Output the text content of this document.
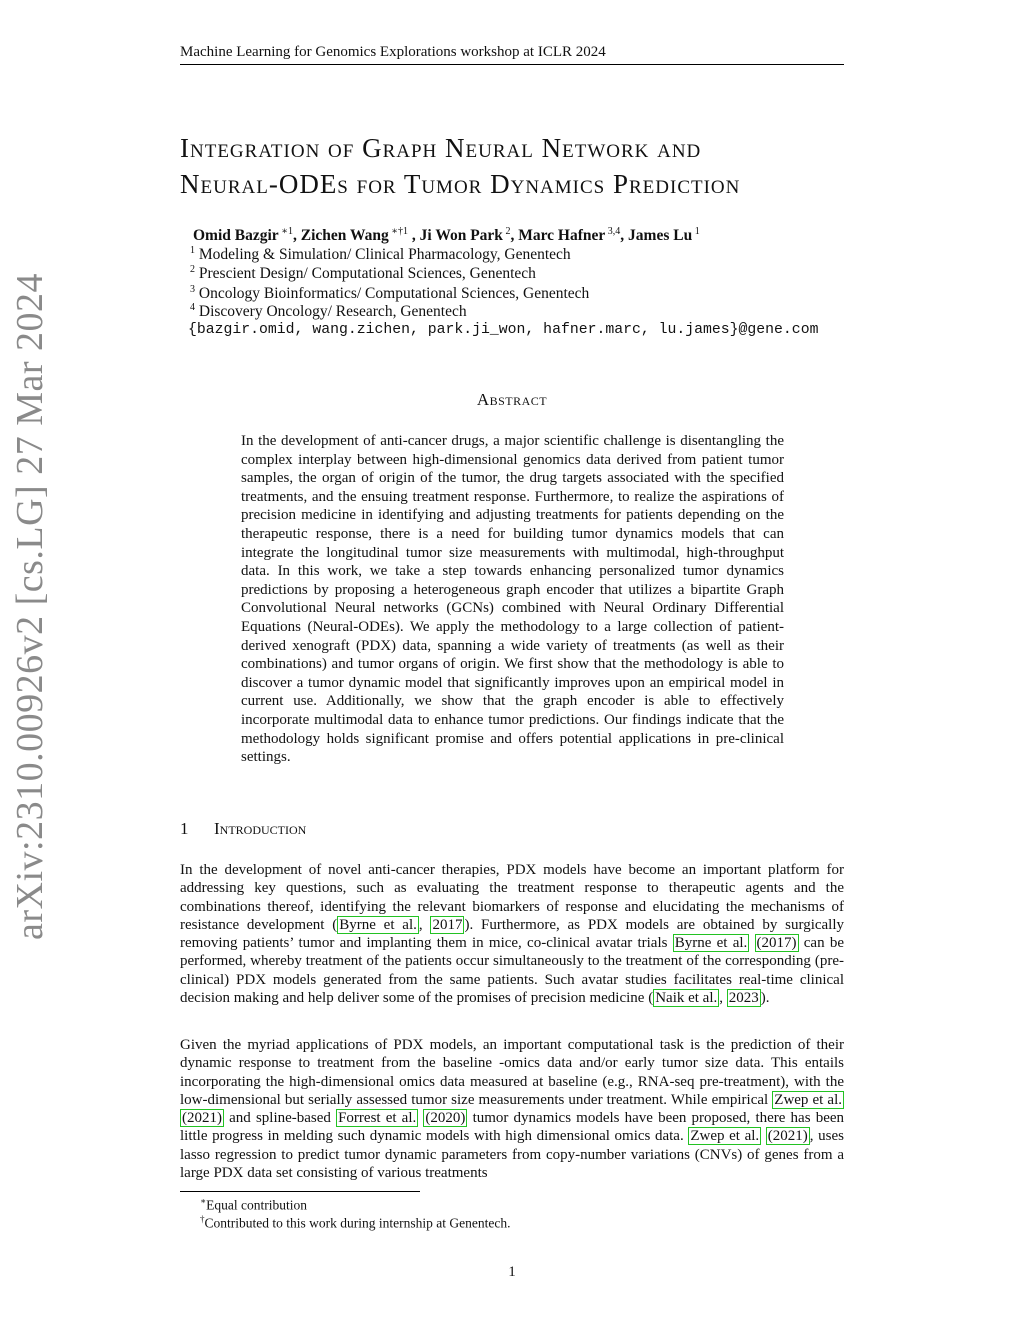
Machine Learning for Genomics Explorations workshop at ICLR 2024
arXiv:2310.00926v2 [cs.LG] 27 Mar 2024
Integration of Graph Neural Network and
Neural-ODEs for Tumor Dynamics Prediction
Omid Bazgir $^{∗1}$, Zichen Wang $^{∗\dagger 1}$ , Ji Won Park $^2$, Marc Hafner $^{3,4}$, James Lu $^1$
$^1$ Modeling & Simulation/ Clinical Pharmacology, Genentech
$^2$ Prescient Design/ Computational Sciences, Genentech
$^3$ Oncology Bioinformatics/ Computational Sciences, Genentech
$^4$ Discovery Oncology/ Research, Genentech
{bazgir.omid, wang.zichen, park.ji_won, hafner.marc, lu.james}@gene.com
Abstract
In the development of anti-cancer drugs, a major scientific challenge is disentangling the complex interplay between high-dimensional genomics data derived from patient tumor samples, the organ of origin of the tumor, the drug targets associated with the specified treatments, and the ensuing treatment response. Furthermore, to realize the aspirations of precision medicine in identifying and adjusting treatments for patients depending on the therapeutic response, there is a need for building tumor dynamics models that can integrate the longitudinal tumor size measurements with multimodal, high-throughput data. In this work, we take a step towards enhancing personalized tumor dynamics predictions by proposing a heterogeneous graph encoder that utilizes a bipartite Graph Convolutional Neural networks (GCNs) combined with Neural Ordinary Differential Equations (Neural-ODEs). We apply the methodology to a large collection of patient-derived xenograft (PDX) data, spanning a wide variety of treatments (as well as their combinations) and tumor organs of origin. We first show that the methodology is able to discover a tumor dynamic model that significantly improves upon an empirical model in current use. Additionally, we show that the graph encoder is able to effectively incorporate multimodal data to enhance tumor predictions. Our findings indicate that the methodology holds significant promise and offers potential applications in pre-clinical settings.
1 Introduction
In the development of novel anti-cancer therapies, PDX models have become an important platform for addressing key questions, such as evaluating the treatment response to therapeutic agents and the combinations thereof, identifying the relevant biomarkers of response and elucidating the mechanisms of resistance development ( Byrne et al. , 2017 ). Furthermore, as PDX models are obtained by surgically removing patients’ tumor and implanting them in mice, co-clinical avatar trials Byrne et al. (2017) can be performed, whereby treatment of the patients occur simultaneously to the treatment of the corresponding (pre-clinical) PDX models generated from the same patients. Such avatar studies facilitates real-time clinical decision making and help deliver some of the promises of precision medicine ( Naik et al. , 2023 ).
Given the myriad applications of PDX models, an important computational task is the prediction of their dynamic response to treatment from the baseline -omics data and/or early tumor size data. This entails incorporating the high-dimensional omics data measured at baseline (e.g., RNA-seq pre-treatment), with the low-dimensional but serially assessed tumor size measurements under treatment. While empirical Zwep et al. (2021) and spline-based Forrest et al. (2020) tumor dynamics models have been proposed, there has been little progress in melding such dynamic models with high dimensional omics data. Zwep et al. (2021) , uses lasso regression to predict tumor dynamic parameters from copy-number variations (CNVs) of genes from a large PDX data set consisting of various treatments
∗Equal contribution
†Contributed to this work during internship at Genentech.
1
